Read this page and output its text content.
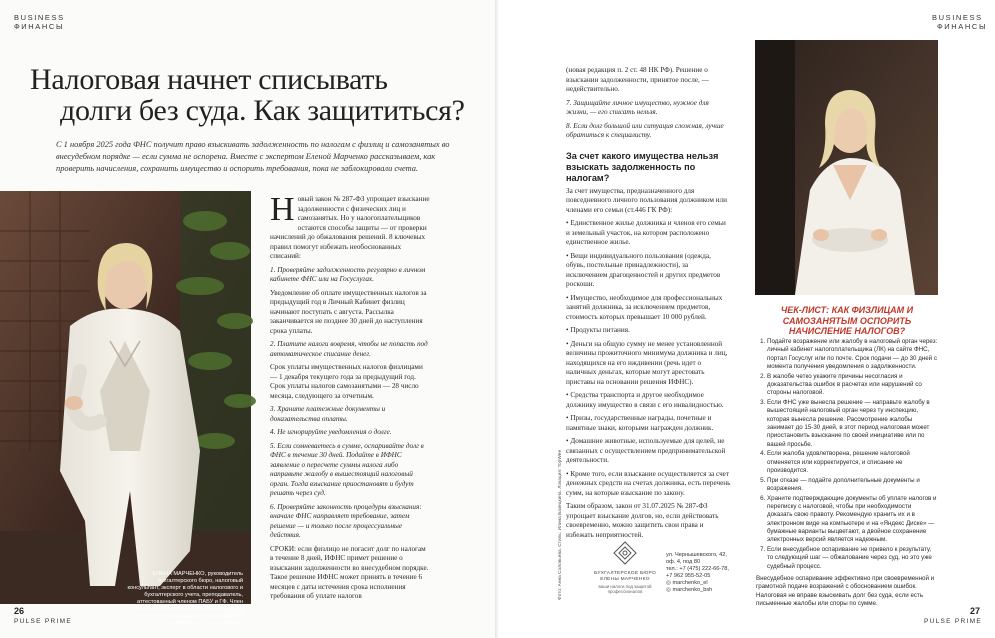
BUSINESS
ФИНАНСЫ
Налоговая начнет списывать
долги без суда. Как защититься?
С 1 ноября 2025 года ФНС получит право взыскивать задолженность по налогам с физлиц и самозанятых во внесудебном порядке — если сумма не оспорена. Вместе с экспертом Еленой Марченко рассказываем, как проверить начисления, сохранить имущество и оспорить требования, пока не заблокировали счета.
ЕЛЕНА МАРЧЕНКО, руководитель бухгалтерского бюро, налоговый консультант, эксперт в области налогового и бухгалтерского учета, преподаватель, аттестованный членом ПАБУ и ГФ. Член комитета «Опора России» Г.Ф. Морозова, заместитель руководителя финансового комитета «Опоры России»

Новый закон № 287-ФЗ упрощает взыскание задолженности с физических лиц и самозанятых. Но у налогоплательщиков остаются способы защиты — от проверки начислений до обжалования решений. 8 ключевых правил помогут избежать необоснованных списаний:

1. Проверяйте задолженность регулярно в личном кабинете ФНС или на Госуслугах.

Уведомление об оплате имущественных налогов за предыдущий год в Личный Кабинет физлиц начинают поступать с августа. Рассылка заканчивается не позднее 30 дней до наступления срока уплаты.

2. Платите налоги вовремя, чтобы не попасть под автоматическое списание денег.

Срок уплаты имущественных налогов физлицами — 1 декабря текущего года за предыдущий год. Срок уплаты налогов самозанятыми — 28 число месяца, следующего за отчетным.

3. Храните платежные документы и доказательства оплаты.

4. Не игнорируйте уведомления о долге.

5. Если сомневаетесь в сумме, оспаривайте долг в ФНС в течение 30 дней. Подайте в ИФНС заявление о пересчете суммы налога либо направьте жалобу в вышестоящий налоговый орган. Тогда взыскание приостановят и будут решать через суд.

6. Проверяйте законность процедуры взыскания: вначале ФНС направляет требование, затем решение — и только после процессуальные действия.

СРОКИ: если физлицо не погасит долг по налогам в течение 8 дней, ИФНС примет решение о взыскании задолженности во внесудебном порядке. Такое решение ИФНС может принять в течение 6 месяцев с даты истечения срока исполнения требования об уплате налогов

26
PULSE PRIME

(новая редакция п. 2 ст. 48 НК РФ). Решение о взыскании задолженности, принятое после, — недействительно.

7. Защищайте личное имущество, нужное для жизни, — его списать нельзя.

8. Если долг большой или ситуация сложная, лучше обратиться к специалисту.

За счет какого имущества нельзя взыскать задолженность по налогам?

За счет имущества, предназначенного для повседневного личного пользования должником или членами его семьи (ст.446 ГК РФ):

• Единственное жилье должника и членов его семьи и земельный участок, на котором расположено единственное жилье.

• Вещи индивидуального пользования (одежда, обувь, постельные принадлежности), за исключением драгоценностей и других предметов роскоши.

• Имущество, необходимое для профессиональных занятий должника, за исключением предметов, стоимость которых превышает 10 000 рублей.

• Продукты питания.

• Деньги на общую сумму не менее установленной величины прожиточного минимума должника и лиц, находящихся на его иждивении (речь идет о наличных деньгах, которые могут арестовать приставы на основании решения ИФНС).

• Средства транспорта и другое необходимое должнику имущество в связи с его инвалидностью.

• Призы, государственные награды, почетные и памятные знаки, которыми награжден должник.

• Домашние животные, используемые для целей, не связанных с осуществлением предпринимательской деятельности.

• Кроме того, если взыскание осуществляется за счет денежных средств на счетах должника, есть перечень сумм, на которые взыскание по закону.

Таким образом, закон от 31.07.2025 № 287-ФЗ упрощает взыскание долгов, но, если действовать своевременно, можно защитить свои права и избежать неприятностей.

БУХГАЛТЕРСКОЕ БЮРО ЕЛЕНЫ МАРЧЕНКО
ваши налоги под защитой профессионалов
ул. Чернышевского, 42, оф. 4, под 80
тел.: +7 (475) 222-66-78,
+7 962 955-52-05
◎ marchenko_el
◎ marchenko_bsh
Фото: Анна Соловьева. Стиль: Илина Базецкина. Локация: TopWee
BUSINESS
ФИНАНСЫ
ЧЕК-ЛИСТ: КАК ФИЗЛИЦАМ И САМОЗАНЯТЫМ ОСПОРИТЬ НАЧИСЛЕНИЕ НАЛОГОВ?
1. Подайте возражение или жалобу в налоговый орган через: личный кабинет налогоплательщика (ЛК) на сайте ФНС, портал Госуслуг или по почте. Срок подачи — до 30 дней с момента получения уведомления о задолженности.
2. В жалобе четко укажите причины несогласия и доказательства ошибок в расчетах или нарушений со стороны налоговой.
3. Если ФНС уже вынесла решение — направьте жалобу в вышестоящий налоговый орган через ту инспекцию, которая вынесла решение. Рассмотрение жалобы занимает до 15-30 дней, в этот период налоговая может приостановить взыскание по своей инициативе или по вашей просьбе.
4. Если жалоба удовлетворена, решение налоговой отменяется или корректируется, и списание не производится.
5. При отказе — подайте дополнительные документы и возражения.
6. Храните подтверждающие документы об уплате налогов и переписку с налоговой, чтобы при необходимости доказать свою правоту. Рекомендую хранить их и в электронном виде на компьютере и на «Яндекс Диске» — бумажные варианты выцветают, а двойное сохранение электронных версий является надежным.
7. Если внесудебное оспаривание не привело к результату, то следующий шаг — обжалование через суд, но это уже судебный процесс.
Внесудебное оспаривание эффективно при своевременной и грамотной подаче возражений с обоснованием ошибок. Налоговая не вправе взыскивать долг без суда, если есть письменные жалобы или споры по сумме.
27
PULSE PRIME
